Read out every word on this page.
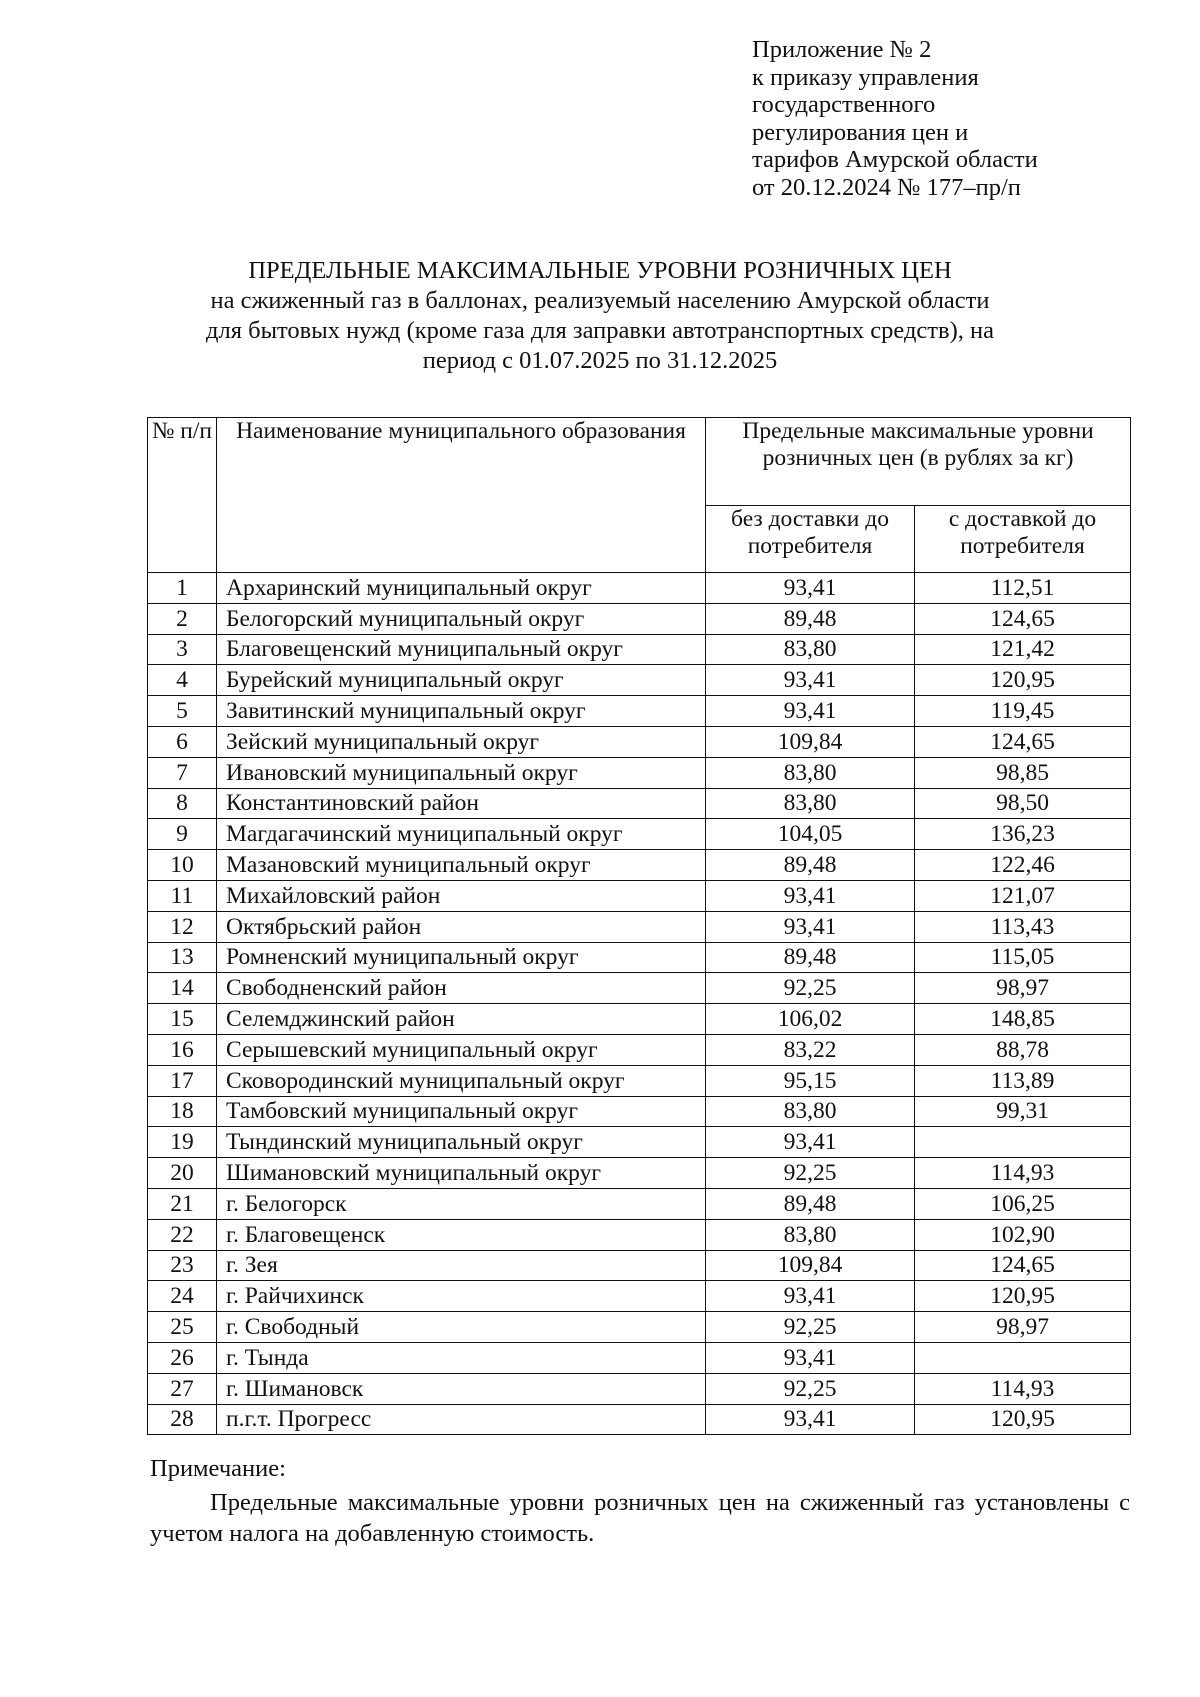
Приложение № 2
к приказу управления
государственного
регулирования цен и
тарифов Амурской области
от 20.12.2024 № 177–пр/п
ПРЕДЕЛЬНЫЕ МАКСИМАЛЬНЫЕ УРОВНИ РОЗНИЧНЫХ ЦЕН
на сжиженный газ в баллонах, реализуемый населению Амурской области
для бытовых нужд (кроме газа для заправки автотранспортных средств), на
период с 01.07.2025 по 31.12.2025
№ п/п	Наименование муниципального образования	Предельные максимальные уровни розничных цен (в рублях за кг)	
		без доставки до потребителя	с доставкой до потребителя
1	Архаринский муниципальный округ	93,41	112,51
2	Белогорский муниципальный округ	89,48	124,65
3	Благовещенский муниципальный округ	83,80	121,42
4	Бурейский муниципальный округ	93,41	120,95
5	Завитинский муниципальный округ	93,41	119,45
6	Зейский муниципальный округ	109,84	124,65
7	Ивановский муниципальный округ	83,80	98,85
8	Константиновский район	83,80	98,50
9	Магдагачинский муниципальный округ	104,05	136,23
10	Мазановский муниципальный округ	89,48	122,46
11	Михайловский район	93,41	121,07
12	Октябрьский район	93,41	113,43
13	Ромненский муниципальный округ	89,48	115,05
14	Свободненский район	92,25	98,97
15	Селемджинский район	106,02	148,85
16	Серышевский муниципальный округ	83,22	88,78
17	Сковородинский муниципальный округ	95,15	113,89
18	Тамбовский муниципальный округ	83,80	99,31
19	Тындинский муниципальный округ	93,41	
20	Шимановский муниципальный округ	92,25	114,93
21	г. Белогорск	89,48	106,25
22	г. Благовещенск	83,80	102,90
23	г. Зея	109,84	124,65
24	г. Райчихинск	93,41	120,95
25	г. Свободный	92,25	98,97
26	г. Тында	93,41	
27	г. Шимановск	92,25	114,93
28	п.г.т. Прогресс	93,41	120,95
Примечание:
Предельные максимальные уровни розничных цен на сжиженный газ установлены с учетом налога на добавленную стоимость.
